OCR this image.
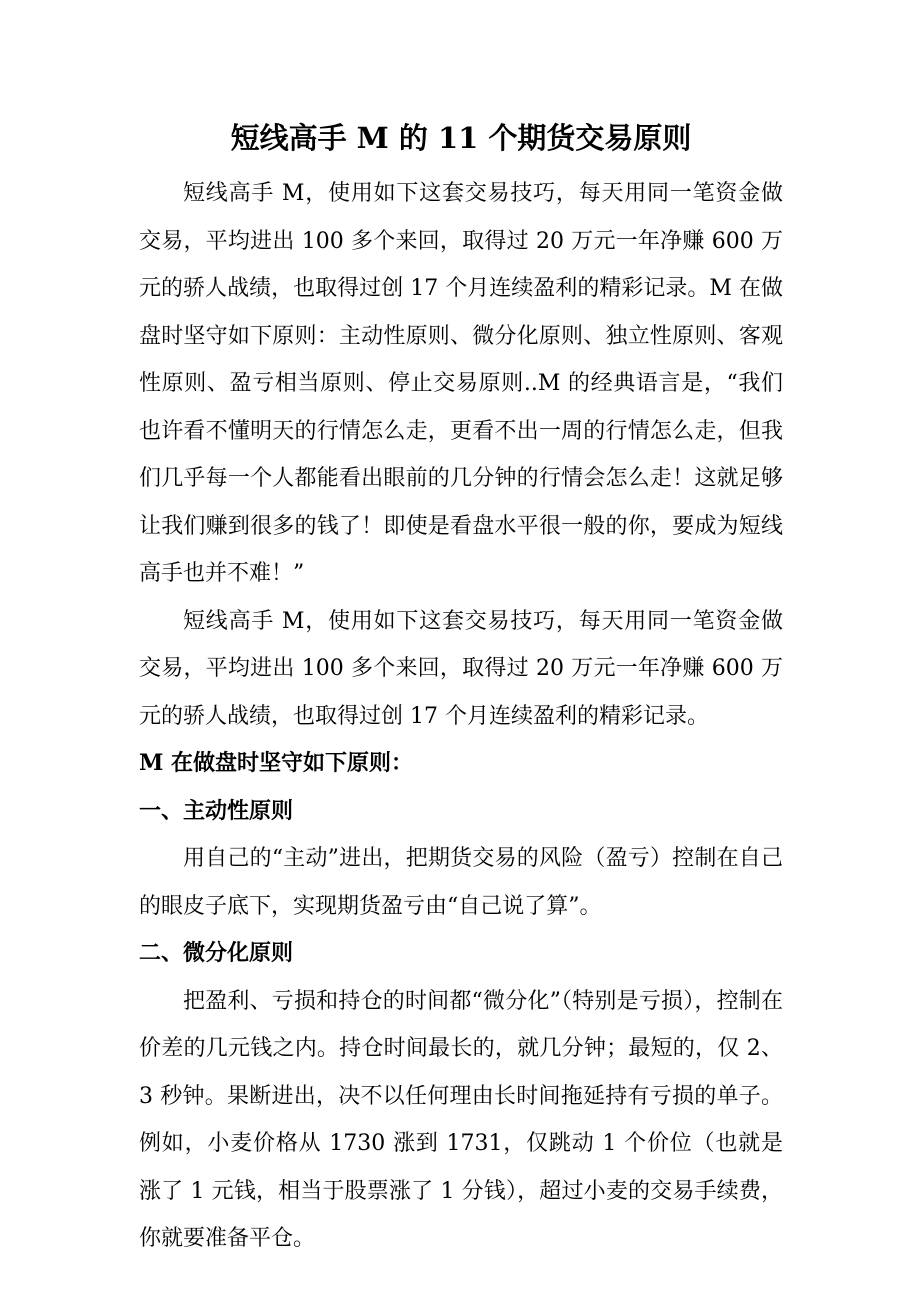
短线高手 M 的 11 个期货交易原则

短线高手 M，使用如下这套交易技巧，每天用同一笔资金做交易，平均进出 100 多个来回，取得过 20 万元一年净赚 600 万元的骄人战绩，也取得过创 17 个月连续盈利的精彩记录。M 在做盘时坚守如下原则：主动性原则、微分化原则、独立性原则、客观性原则、盈亏相当原则、停止交易原则..M 的经典语言是，“我们也许看不懂明天的行情怎么走，更看不出一周的行情怎么走，但我们几乎每一个人都能看出眼前的几分钟的行情会怎么走！这就足够让我们赚到很多的钱了！即使是看盘水平很一般的你，要成为短线高手也并不难！”

短线高手 M，使用如下这套交易技巧，每天用同一笔资金做交易，平均进出 100 多个来回，取得过 20 万元一年净赚 600 万元的骄人战绩，也取得过创 17 个月连续盈利的精彩记录。

M 在做盘时坚守如下原则：

一、主动性原则

用自己的“主动”进出，把期货交易的风险（盈亏）控制在自己的眼皮子底下，实现期货盈亏由“自己说了算”。

二、微分化原则

把盈利、亏损和持仓的时间都“微分化”（特别是亏损），控制在价差的几元钱之内。持仓时间最长的，就几分钟；最短的，仅 2、3 秒钟。果断进出，决不以任何理由长时间拖延持有亏损的单子。例如，小麦价格从 1730 涨到 1731，仅跳动 1 个价位（也就是涨了 1 元钱，相当于股票涨了 1 分钱），超过小麦的交易手续费，你就要准备平仓。
